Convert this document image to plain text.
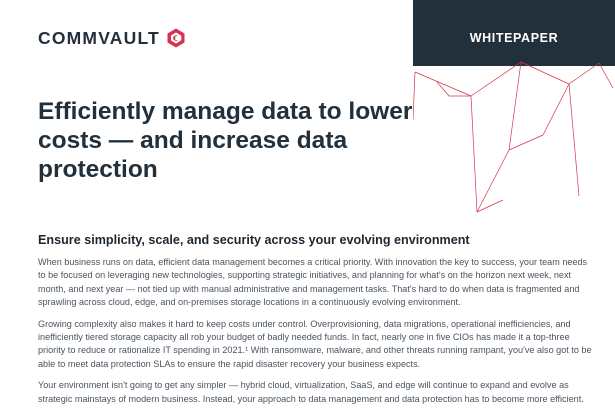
COMMVAULT	WHITEPAPER
Efficiently manage data to lower costs — and increase data protection
Ensure simplicity, scale, and security across your evolving environment

When business runs on data, efficient data management becomes a critical priority. With innovation the key to success, your team needs to be focused on leveraging new technologies, supporting strategic initiatives, and planning for what's on the horizon next week, next month, and next year — not tied up with manual administrative and management tasks. That's hard to do when data is fragmented and sprawling across cloud, edge, and on-premises storage locations in a continuously evolving environment.

Growing complexity also makes it hard to keep costs under control. Overprovisioning, data migrations, operational inefficiencies, and inefficiently tiered storage capacity all rob your budget of badly needed funds. In fact, nearly one in five CIOs has made it a top-three priority to reduce or rationalize IT spending in 2021.¹ With ransomware, malware, and other threats running rampant, you've also got to be able to meet data protection SLAs to ensure the rapid disaster recovery your business expects.

Your environment isn't going to get any simpler — hybrid cloud, virtualization, SaaS, and edge will continue to expand and evolve as strategic mainstays of modern business. Instead, your approach to data management and data protection has to become more efficient.
